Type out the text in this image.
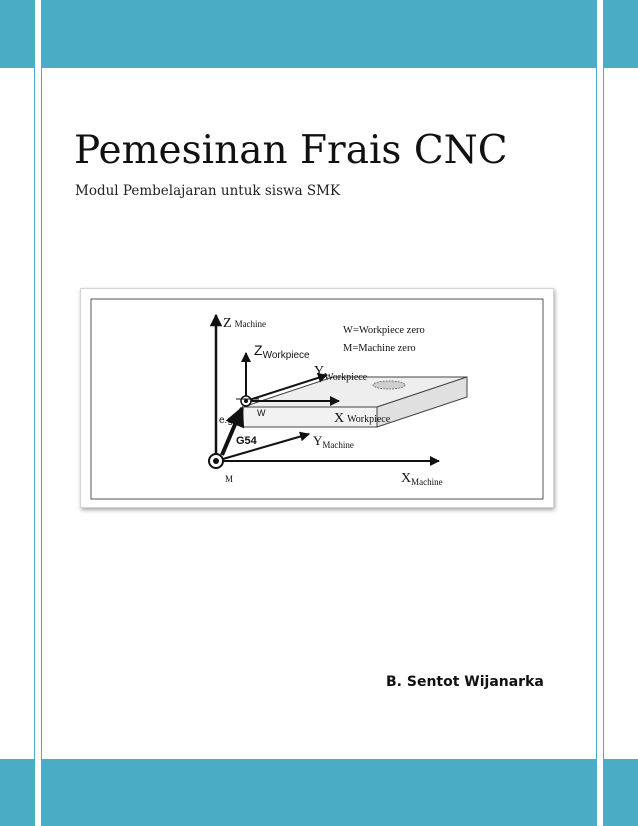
Pemesinan Frais CNC

Modul Pembelajaran untuk siswa SMK

Z Machine
$Z_{Workpiece}$
$Y_{Workpiece}$
X Workpiece
$Y_{Machine}$
$X_{Machine}$
W=Workpiece zero
M=Machine zero
e.g.
W
G54
M

B. Sentot Wijanarka
